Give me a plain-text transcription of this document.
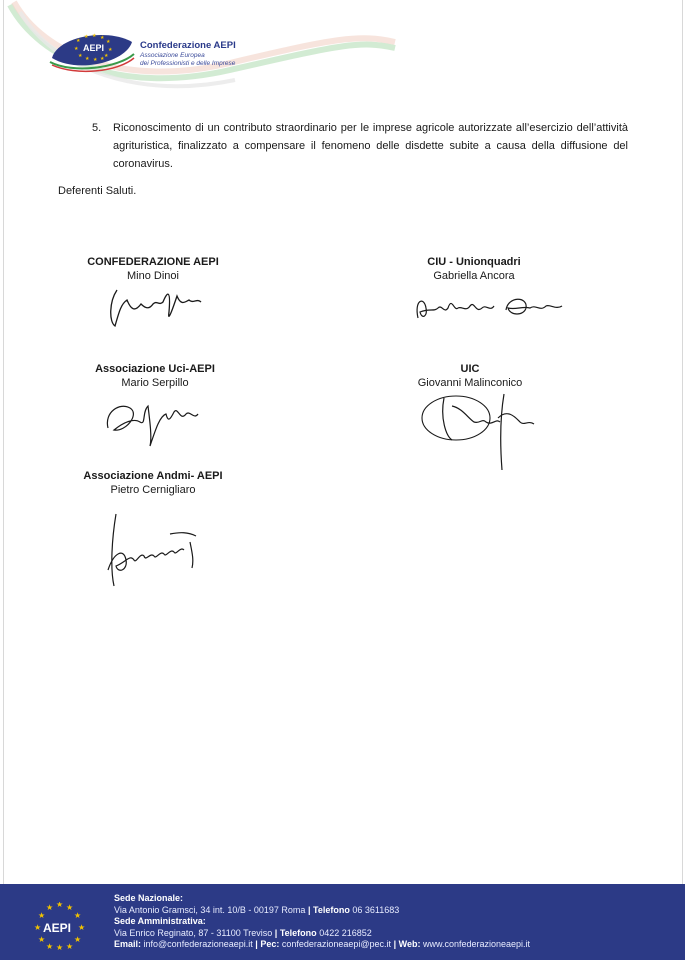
★ ★ ★
★	★
★	★
★	★
★ ★ ★
AEPI	Confederazione AEPI
Associazione Europea
dei Professionisti e delle Imprese
5. Riconoscimento di un contributo straordinario per le imprese agricole autorizzate all’esercizio dell’attività agrituristica, finalizzato a compensare il fenomeno delle disdette subite a causa della diffusione del coronavirus.
Deferenti Saluti.
CONFEDERAZIONE AEPI
Mino Dinoi
CIU - Unionquadri
Gabriella Ancora
Associazione Uci-AEPI
Mario Serpillo
UIC
Giovanni Malinconico
Associazione Andmi- AEPI
Pietro Cernigliaro
★ ★ ★
★	★
★	★
★	★
★ ★ ★
AEPI
Sede Nazionale:
Via Antonio Gramsci, 34 int. 10/B - 00197 Roma | Telefono 06 3611683
Sede Amministrativa:
Via Enrico Reginato, 87 - 31100 Treviso | Telefono 0422 216852
Email: info@confederazioneaepi.it | Pec: confederazioneaepi@pec.it | Web: www.confederazioneaepi.it
